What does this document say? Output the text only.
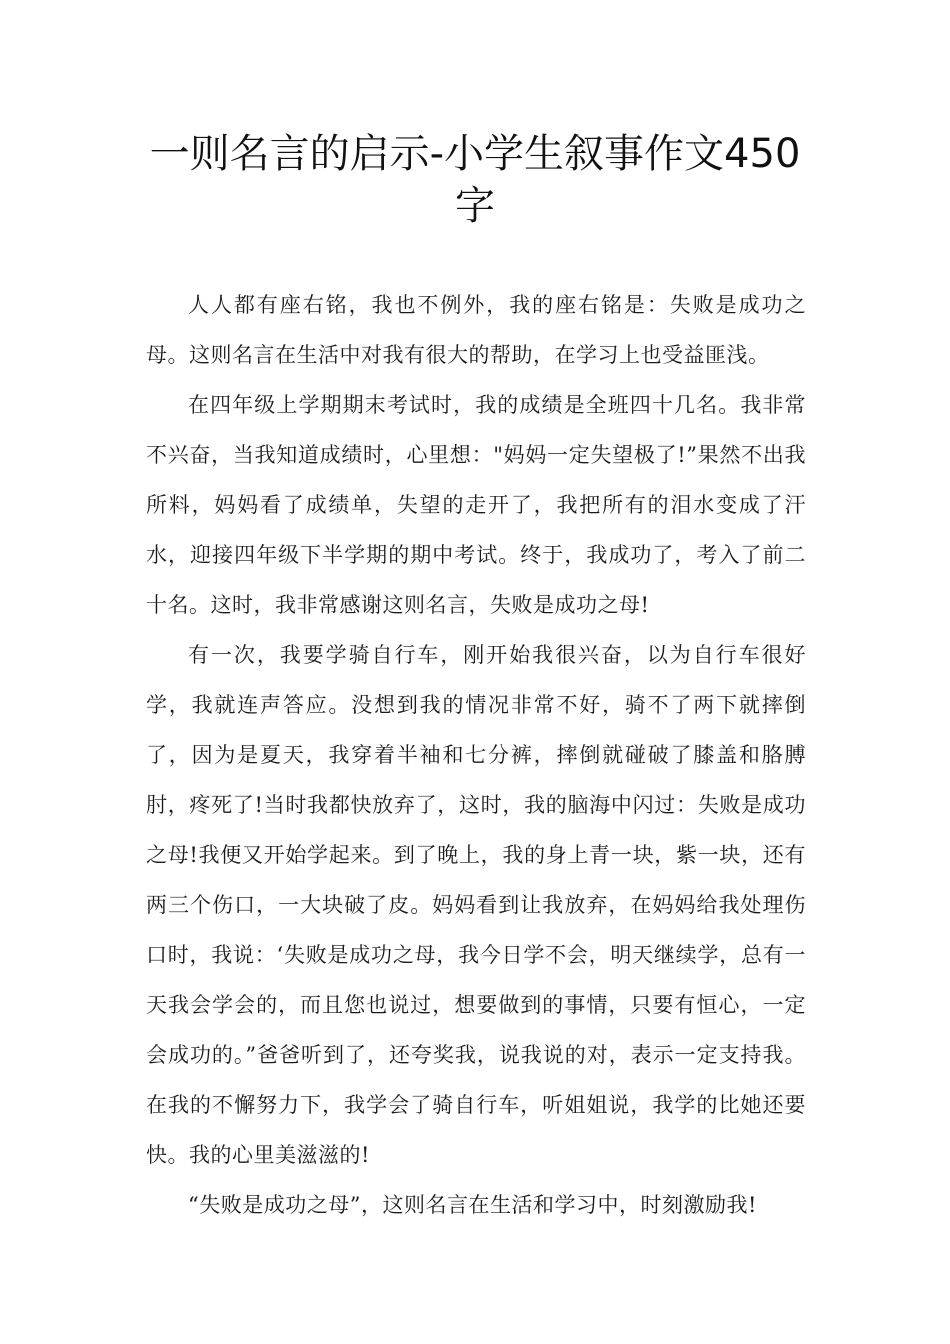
一则名言的启示-小学生叙事作文450字

人人都有座右铭，我也不例外，我的座右铭是：失败是成功之母。这则名言在生活中对我有很大的帮助，在学习上也受益匪浅。

在四年级上学期期末考试时，我的成绩是全班四十几名。我非常不兴奋，当我知道成绩时，心里想："妈妈一定失望极了!”果然不出我所料，妈妈看了成绩单，失望的走开了，我把所有的泪水变成了汗水，迎接四年级下半学期的期中考试。终于，我成功了，考入了前二十名。这时，我非常感谢这则名言，失败是成功之母!

有一次，我要学骑自行车，刚开始我很兴奋，以为自行车很好学，我就连声答应。没想到我的情况非常不好，骑不了两下就摔倒了，因为是夏天，我穿着半袖和七分裤，摔倒就碰破了膝盖和胳膊肘，疼死了!当时我都快放弃了，这时，我的脑海中闪过：失败是成功之母!我便又开始学起来。到了晚上，我的身上青一块，紫一块，还有两三个伤口，一大块破了皮。妈妈看到让我放弃，在妈妈给我处理伤口时，我说：‘失败是成功之母，我今日学不会，明天继续学，总有一天我会学会的，而且您也说过，想要做到的事情，只要有恒心，一定会成功的。”爸爸听到了，还夸奖我，说我说的对，表示一定支持我。在我的不懈努力下，我学会了骑自行车，听姐姐说，我学的比她还要快。我的心里美滋滋的!

“失败是成功之母”，这则名言在生活和学习中，时刻激励我!
